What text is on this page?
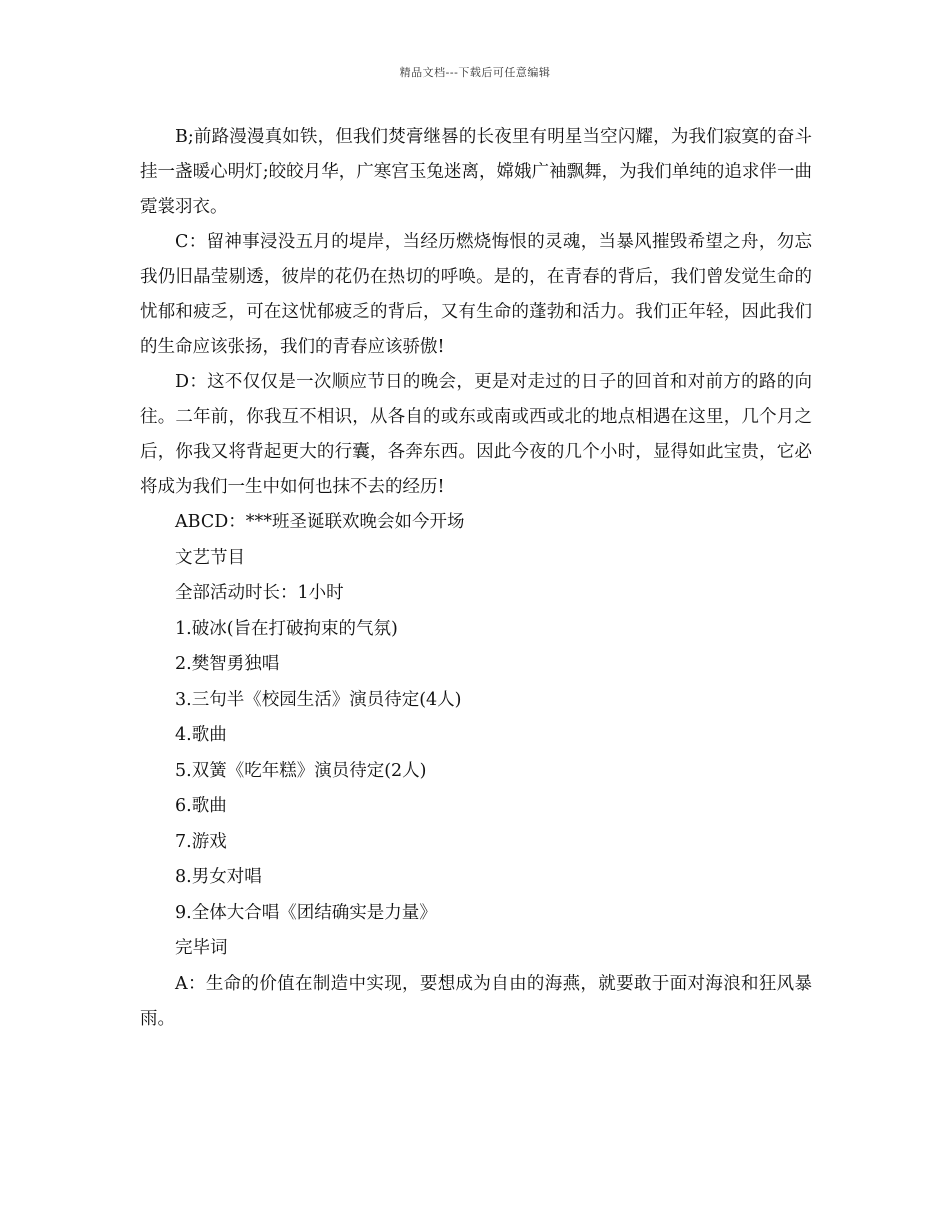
精品文档---下载后可任意编辑

B;前路漫漫真如铁，但我们焚膏继晷的长夜里有明星当空闪耀，为我们寂寞的奋斗挂一盏暖心明灯;皎皎月华，广寒宫玉兔迷离，嫦娥广袖飘舞，为我们单纯的追求伴一曲霓裳羽衣。

C：留神事浸没五月的堤岸，当经历燃烧悔恨的灵魂，当暴风摧毁希望之舟，勿忘我仍旧晶莹剔透，彼岸的花仍在热切的呼唤。是的，在青春的背后，我们曾发觉生命的忧郁和疲乏，可在这忧郁疲乏的背后，又有生命的蓬勃和活力。我们正年轻，因此我们的生命应该张扬，我们的青春应该骄傲!

D：这不仅仅是一次顺应节日的晚会，更是对走过的日子的回首和对前方的路的向往。二年前，你我互不相识，从各自的或东或南或西或北的地点相遇在这里，几个月之后，你我又将背起更大的行囊，各奔东西。因此今夜的几个小时，显得如此宝贵，它必将成为我们一生中如何也抹不去的经历!

ABCD：***班圣诞联欢晚会如今开场

文艺节目

全部活动时长：1小时

1.破冰(旨在打破拘束的气氛)

2.樊智勇独唱

3.三句半《校园生活》演员待定(4人)

4.歌曲

5.双簧《吃年糕》演员待定(2人)

6.歌曲

7.游戏

8.男女对唱

9.全体大合唱《团结确实是力量》

完毕词

A：生命的价值在制造中实现，要想成为自由的海燕，就要敢于面对海浪和狂风暴雨。
